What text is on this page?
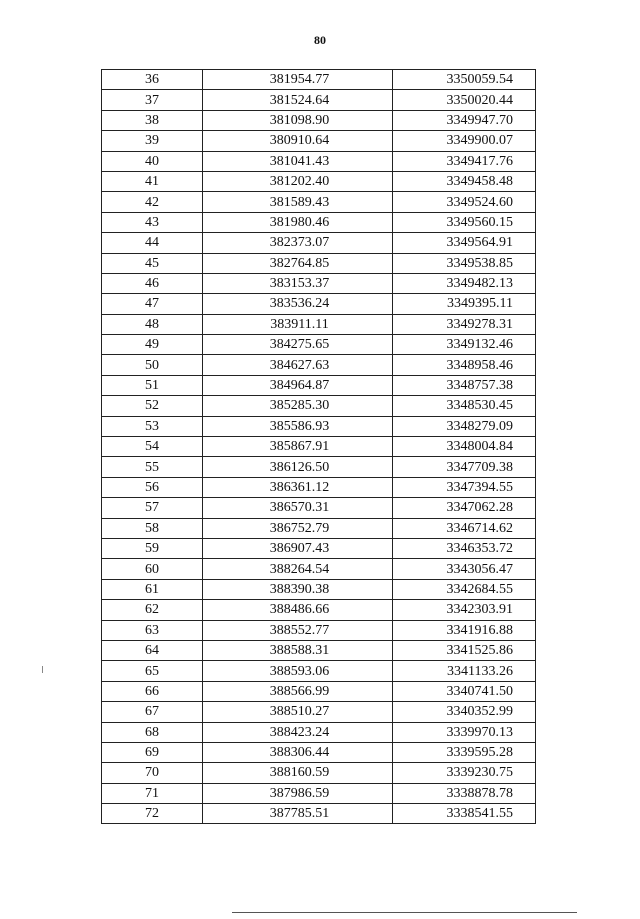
80
36	381954.77	3350059.54
37	381524.64	3350020.44
38	381098.90	3349947.70
39	380910.64	3349900.07
40	381041.43	3349417.76
41	381202.40	3349458.48
42	381589.43	3349524.60
43	381980.46	3349560.15
44	382373.07	3349564.91
45	382764.85	3349538.85
46	383153.37	3349482.13
47	383536.24	3349395.11
48	383911.11	3349278.31
49	384275.65	3349132.46
50	384627.63	3348958.46
51	384964.87	3348757.38
52	385285.30	3348530.45
53	385586.93	3348279.09
54	385867.91	3348004.84
55	386126.50	3347709.38
56	386361.12	3347394.55
57	386570.31	3347062.28
58	386752.79	3346714.62
59	386907.43	3346353.72
60	388264.54	3343056.47
61	388390.38	3342684.55
62	388486.66	3342303.91
63	388552.77	3341916.88
64	388588.31	3341525.86
65	388593.06	3341133.26
66	388566.99	3340741.50
67	388510.27	3340352.99
68	388423.24	3339970.13
69	388306.44	3339595.28
70	388160.59	3339230.75
71	387986.59	3338878.78
72	387785.51	3338541.55
